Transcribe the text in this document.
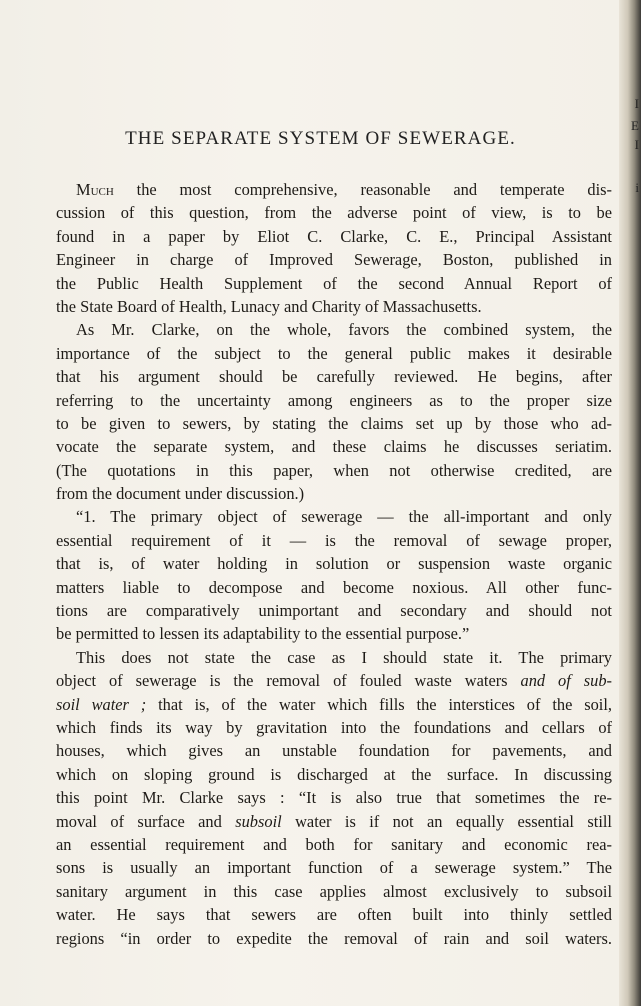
I
E
I
i
THE SEPARATE SYSTEM OF SEWERAGE.
Much the most comprehensive, reasonable and temperate dis-
cussion of this question, from the adverse point of view, is to be
found in a paper by Eliot C. Clarke, C. E., Principal Assistant
Engineer in charge of Improved Sewerage, Boston, published in
the Public Health Supplement of the second Annual Report of
the State Board of Health, Lunacy and Charity of Massachusetts.
As Mr. Clarke, on the whole, favors the combined system, the
importance of the subject to the general public makes it desirable
that his argument should be carefully reviewed. He begins, after
referring to the uncertainty among engineers as to the proper size
to be given to sewers, by stating the claims set up by those who ad-
vocate the separate system, and these claims he discusses seriatim.
(The quotations in this paper, when not otherwise credited, are
from the document under discussion.)
“1. The primary object of sewerage — the all-important and only
essential requirement of it — is the removal of sewage proper,
that is, of water holding in solution or suspension waste organic
matters liable to decompose and become noxious. All other func-
tions are comparatively unimportant and secondary and should not
be permitted to lessen its adaptability to the essential purpose.”
This does not state the case as I should state it. The primary
object of sewerage is the removal of fouled waste waters and of sub-
soil water ; that is, of the water which fills the interstices of the soil,
which finds its way by gravitation into the foundations and cellars of
houses, which gives an unstable foundation for pavements, and
which on sloping ground is discharged at the surface. In discussing
this point Mr. Clarke says : “It is also true that sometimes the re-
moval of surface and subsoil water is if not an equally essential still
an essential requirement and both for sanitary and economic rea-
sons is usually an important function of a sewerage system.” The
sanitary argument in this case applies almost exclusively to subsoil
water. He says that sewers are often built into thinly settled
regions “in order to expedite the removal of rain and soil waters.
